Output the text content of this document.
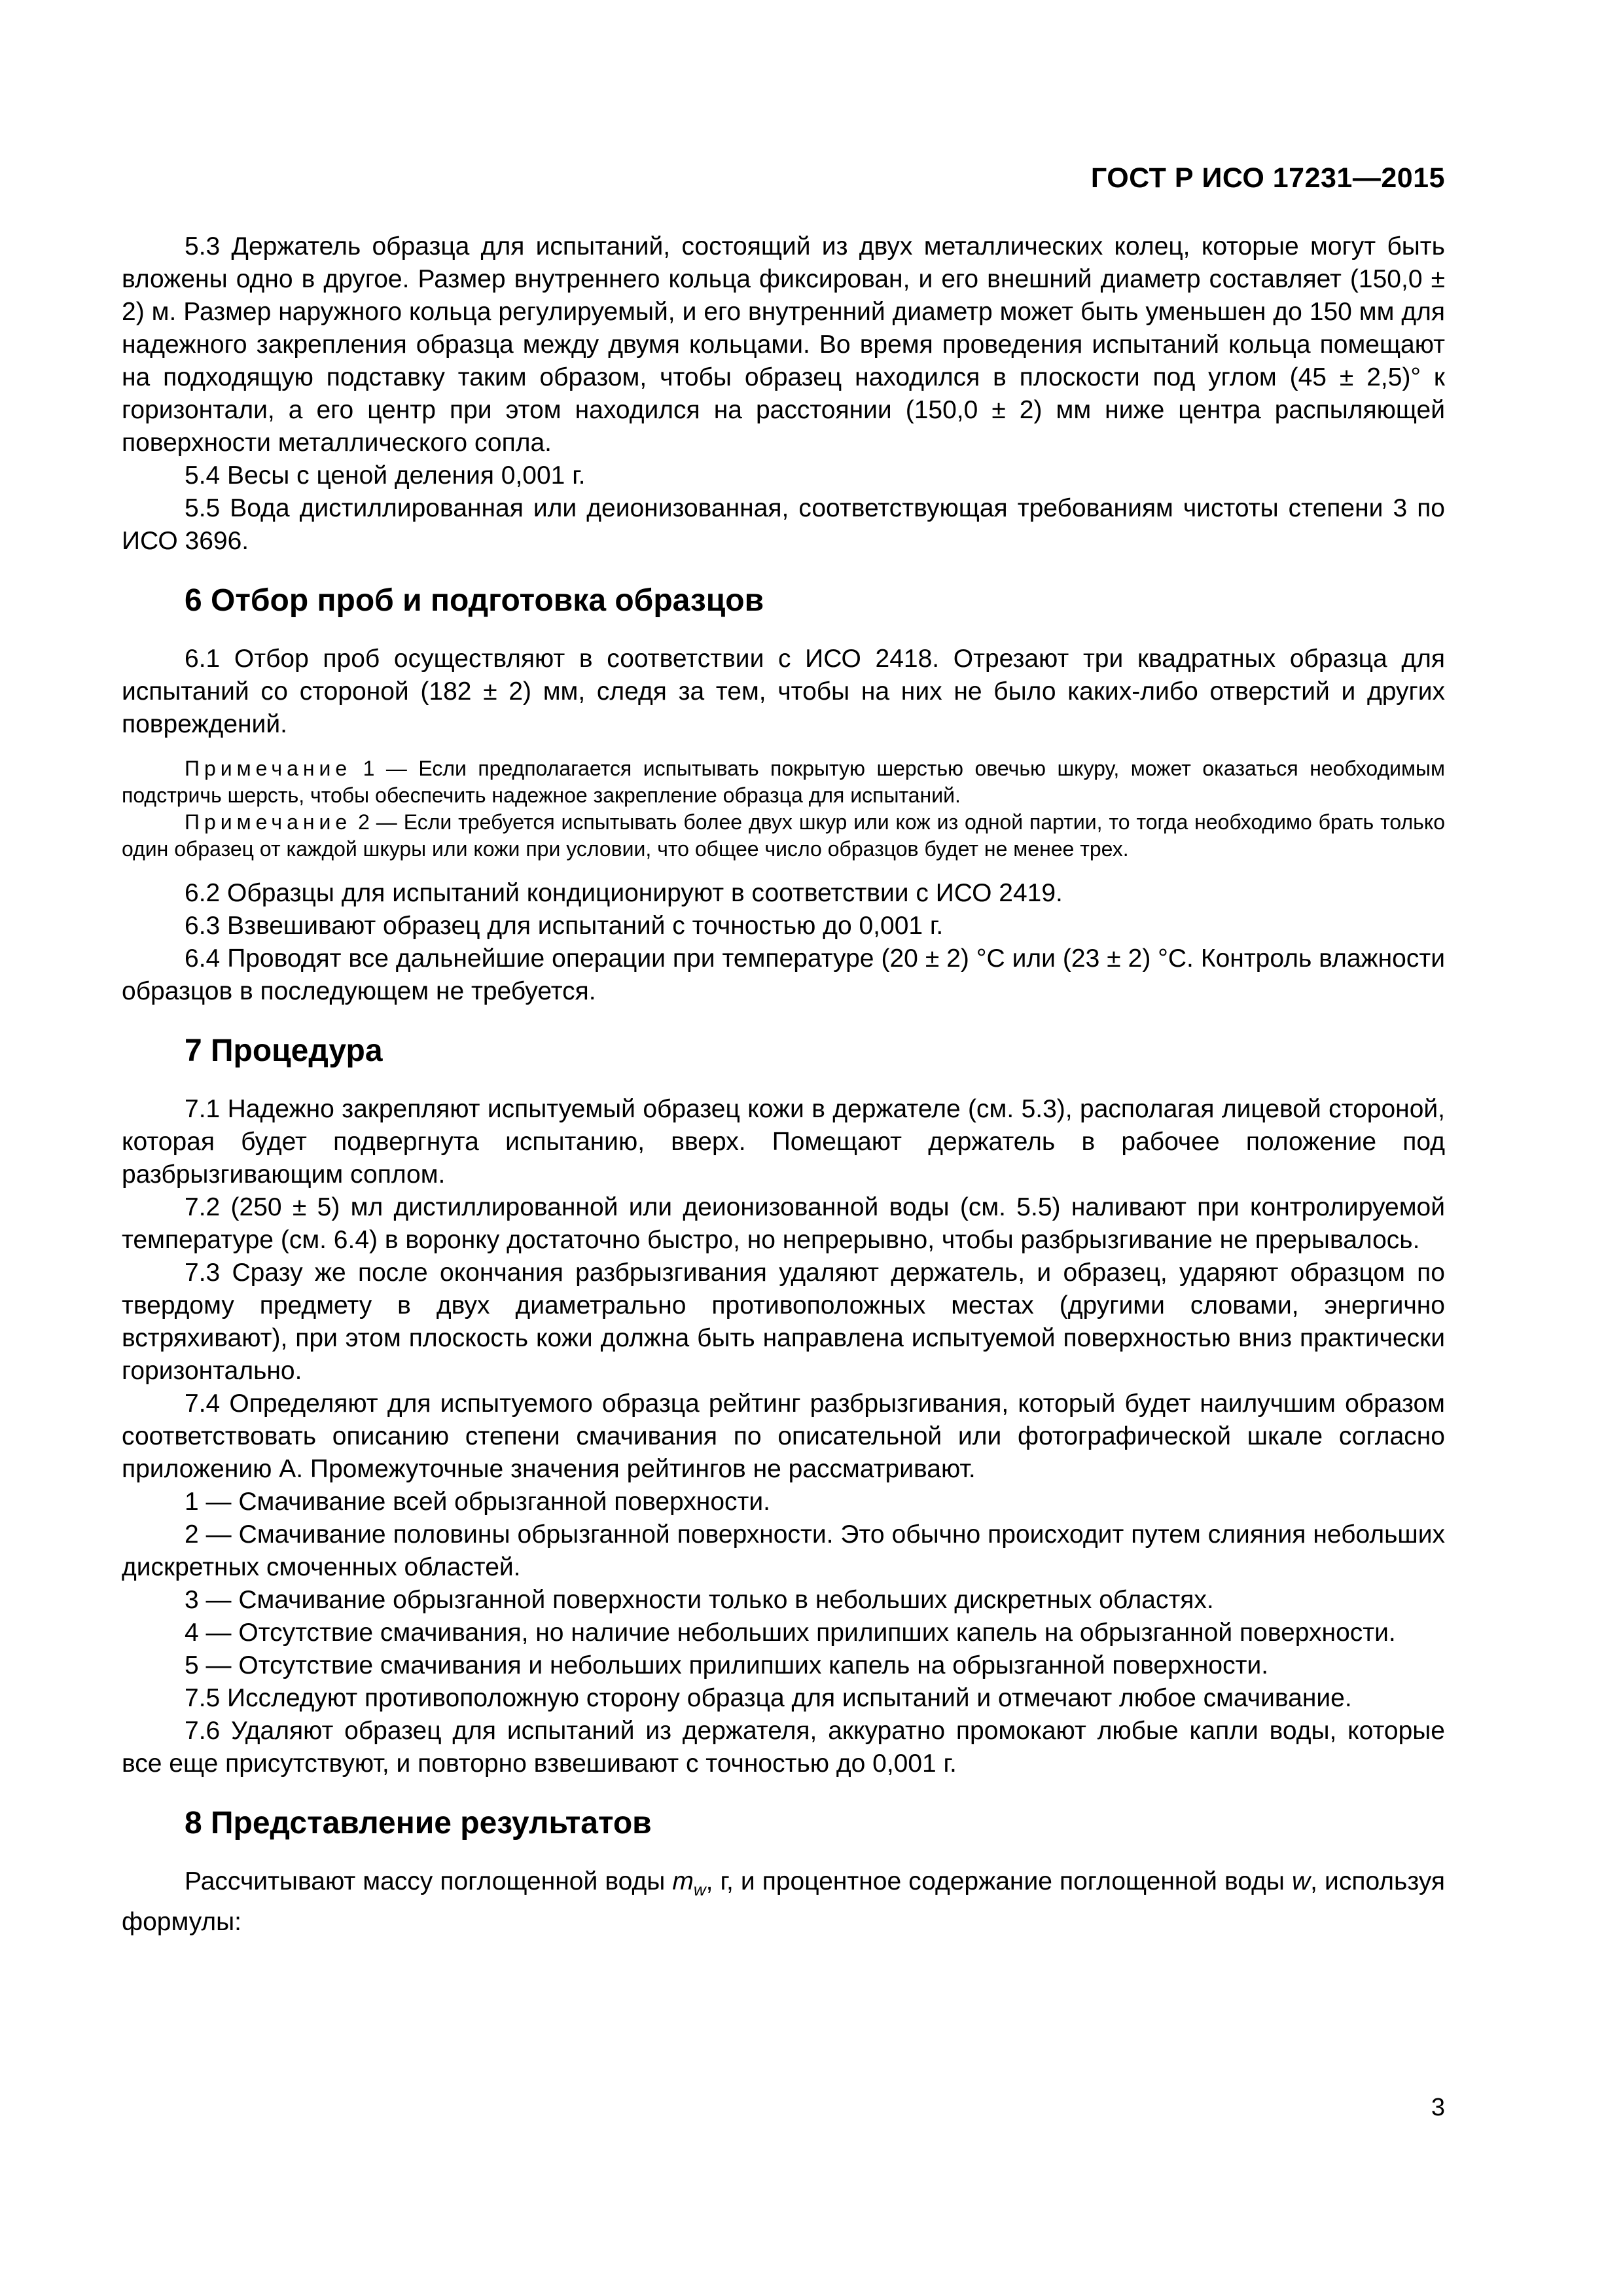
ГОСТ Р ИСО 17231—2015

5.3 Держатель образца для испытаний, состоящий из двух металлических колец, которые могут быть вложены одно в другое. Размер внутреннего кольца фиксирован, и его внешний диаметр составляет (150,0 ± 2) м. Размер наружного кольца регулируемый, и его внутренний диаметр может быть уменьшен до 150 мм для надежного закрепления образца между двумя кольцами. Во время проведения испытаний кольца помещают на подходящую подставку таким образом, чтобы образец находился в плоскости под углом (45 ± 2,5)° к горизонтали, а его центр при этом находился на расстоянии (150,0 ± 2) мм ниже центра распыляющей поверхности металлического сопла.

5.4 Весы с ценой деления 0,001 г.

5.5 Вода дистиллированная или деионизованная, соответствующая требованиям чистоты степени 3 по ИСО 3696.

6 Отбор проб и подготовка образцов

6.1 Отбор проб осуществляют в соответствии с ИСО 2418. Отрезают три квадратных образца для испытаний со стороной (182 ± 2) мм, следя за тем, чтобы на них не было каких-либо отверстий и других повреждений.

Примечание 1 — Если предполагается испытывать покрытую шерстью овечью шкуру, может оказаться необходимым подстричь шерсть, чтобы обеспечить надежное закрепление образца для испытаний.

Примечание 2 — Если требуется испытывать более двух шкур или кож из одной партии, то тогда необходимо брать только один образец от каждой шкуры или кожи при условии, что общее число образцов будет не менее трех.

6.2 Образцы для испытаний кондиционируют в соответствии с ИСО 2419.

6.3 Взвешивают образец для испытаний с точностью до 0,001 г.

6.4 Проводят все дальнейшие операции при температуре (20 ± 2) °C или (23 ± 2) °C. Контроль влажности образцов в последующем не требуется.

7 Процедура

7.1 Надежно закрепляют испытуемый образец кожи в держателе (см. 5.3), располагая лицевой стороной, которая будет подвергнута испытанию, вверх. Помещают держатель в рабочее положение под разбрызгивающим соплом.

7.2 (250 ± 5) мл дистиллированной или деионизованной воды (см. 5.5) наливают при контролируемой температуре (см. 6.4) в воронку достаточно быстро, но непрерывно, чтобы разбрызгивание не прерывалось.

7.3 Сразу же после окончания разбрызгивания удаляют держатель, и образец, ударяют образцом по твердому предмету в двух диаметрально противоположных местах (другими словами, энергично встряхивают), при этом плоскость кожи должна быть направлена испытуемой поверхностью вниз практически горизонтально.

7.4 Определяют для испытуемого образца рейтинг разбрызгивания, который будет наилучшим образом соответствовать описанию степени смачивания по описательной или фотографической шкале согласно приложению А. Промежуточные значения рейтингов не рассматривают.

1 — Смачивание всей обрызганной поверхности.

2 — Смачивание половины обрызганной поверхности. Это обычно происходит путем слияния небольших дискретных смоченных областей.

3 — Смачивание обрызганной поверхности только в небольших дискретных областях.

4 — Отсутствие смачивания, но наличие небольших прилипших капель на обрызганной поверхности.

5 — Отсутствие смачивания и небольших прилипших капель на обрызганной поверхности.

7.5 Исследуют противоположную сторону образца для испытаний и отмечают любое смачивание.

7.6 Удаляют образец для испытаний из держателя, аккуратно промокают любые капли воды, которые все еще присутствуют, и повторно взвешивают с точностью до 0,001 г.

8 Представление результатов

Рассчитывают массу поглощенной воды $m_w$, г, и процентное содержание поглощенной воды w, используя формулы:

3
